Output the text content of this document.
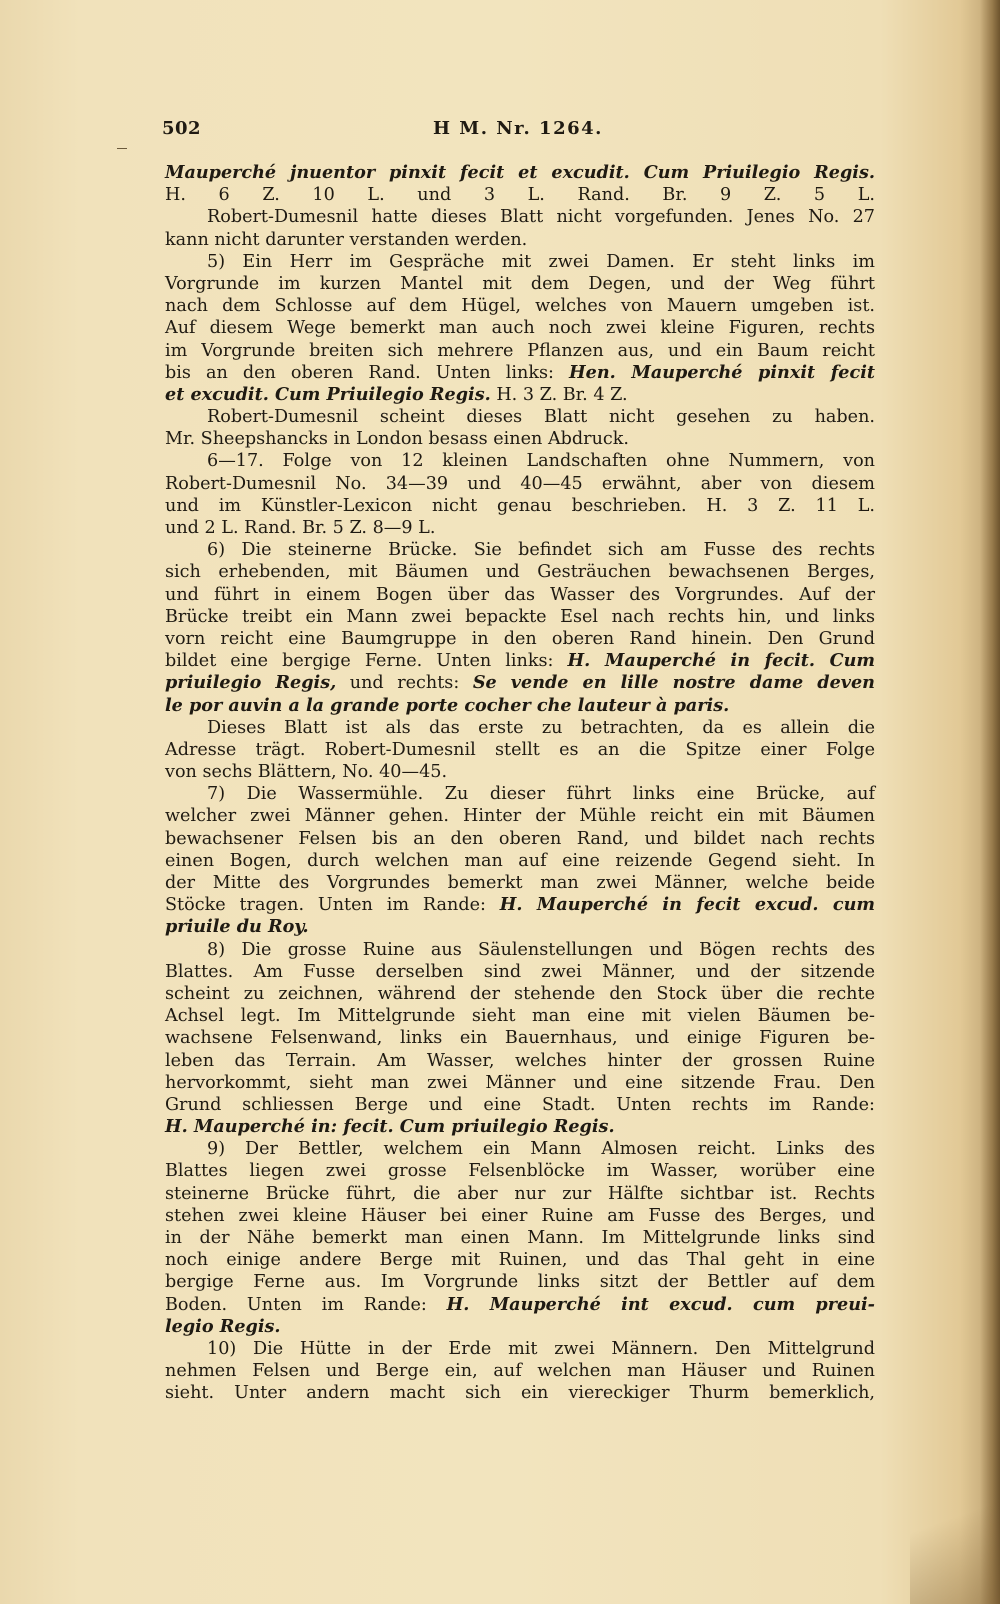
502	H M. Nr. 1264.
Mauperché jnuentor pinxit fecit et excudit. Cum Priuilegio Regis.
H. 6 Z. 10 L. und 3 L. Rand. Br. 9 Z. 5 L.
Robert-Dumesnil hatte dieses Blatt nicht vorgefunden. Jenes No. 27
kann nicht darunter verstanden werden.
5) Ein Herr im Gespräche mit zwei Damen. Er steht links im
Vorgrunde im kurzen Mantel mit dem Degen, und der Weg führt
nach dem Schlosse auf dem Hügel, welches von Mauern umgeben ist.
Auf diesem Wege bemerkt man auch noch zwei kleine Figuren, rechts
im Vorgrunde breiten sich mehrere Pflanzen aus, und ein Baum reicht
bis an den oberen Rand. Unten links: Hen. Mauperché pinxit fecit
et excudit. Cum Priuilegio Regis. H. 3 Z. Br. 4 Z.
Robert-Dumesnil scheint dieses Blatt nicht gesehen zu haben.
Mr. Sheepshancks in London besass einen Abdruck.
6—17. Folge von 12 kleinen Landschaften ohne Nummern, von
Robert-Dumesnil No. 34—39 und 40—45 erwähnt, aber von diesem
und im Künstler-Lexicon nicht genau beschrieben. H. 3 Z. 11 L.
und 2 L. Rand. Br. 5 Z. 8—9 L.
6) Die steinerne Brücke. Sie befindet sich am Fusse des rechts
sich erhebenden, mit Bäumen und Gesträuchen bewachsenen Berges,
und führt in einem Bogen über das Wasser des Vorgrundes. Auf der
Brücke treibt ein Mann zwei bepackte Esel nach rechts hin, und links
vorn reicht eine Baumgruppe in den oberen Rand hinein. Den Grund
bildet eine bergige Ferne. Unten links: H. Mauperché in fecit. Cum
priuilegio Regis, und rechts: Se vende en lille nostre dame deven
le por auvin a la grande porte cocher che lauteur à paris.
Dieses Blatt ist als das erste zu betrachten, da es allein die
Adresse trägt. Robert-Dumesnil stellt es an die Spitze einer Folge
von sechs Blättern, No. 40—45.
7) Die Wassermühle. Zu dieser führt links eine Brücke, auf
welcher zwei Männer gehen. Hinter der Mühle reicht ein mit Bäumen
bewachsener Felsen bis an den oberen Rand, und bildet nach rechts
einen Bogen, durch welchen man auf eine reizende Gegend sieht. In
der Mitte des Vorgrundes bemerkt man zwei Männer, welche beide
Stöcke tragen. Unten im Rande: H. Mauperché in fecit excud. cum
priuile du Roy.
8) Die grosse Ruine aus Säulenstellungen und Bögen rechts des
Blattes. Am Fusse derselben sind zwei Männer, und der sitzende
scheint zu zeichnen, während der stehende den Stock über die rechte
Achsel legt. Im Mittelgrunde sieht man eine mit vielen Bäumen be-
wachsene Felsenwand, links ein Bauernhaus, und einige Figuren be-
leben das Terrain. Am Wasser, welches hinter der grossen Ruine
hervorkommt, sieht man zwei Männer und eine sitzende Frau. Den
Grund schliessen Berge und eine Stadt. Unten rechts im Rande:
H. Mauperché in: fecit. Cum priuilegio Regis.
9) Der Bettler, welchem ein Mann Almosen reicht. Links des
Blattes liegen zwei grosse Felsenblöcke im Wasser, worüber eine
steinerne Brücke führt, die aber nur zur Hälfte sichtbar ist. Rechts
stehen zwei kleine Häuser bei einer Ruine am Fusse des Berges, und
in der Nähe bemerkt man einen Mann. Im Mittelgrunde links sind
noch einige andere Berge mit Ruinen, und das Thal geht in eine
bergige Ferne aus. Im Vorgrunde links sitzt der Bettler auf dem
Boden. Unten im Rande: H. Mauperché int excud. cum preui-
legio Regis.
10) Die Hütte in der Erde mit zwei Männern. Den Mittelgrund
nehmen Felsen und Berge ein, auf welchen man Häuser und Ruinen
sieht. Unter andern macht sich ein viereckiger Thurm bemerklich,
